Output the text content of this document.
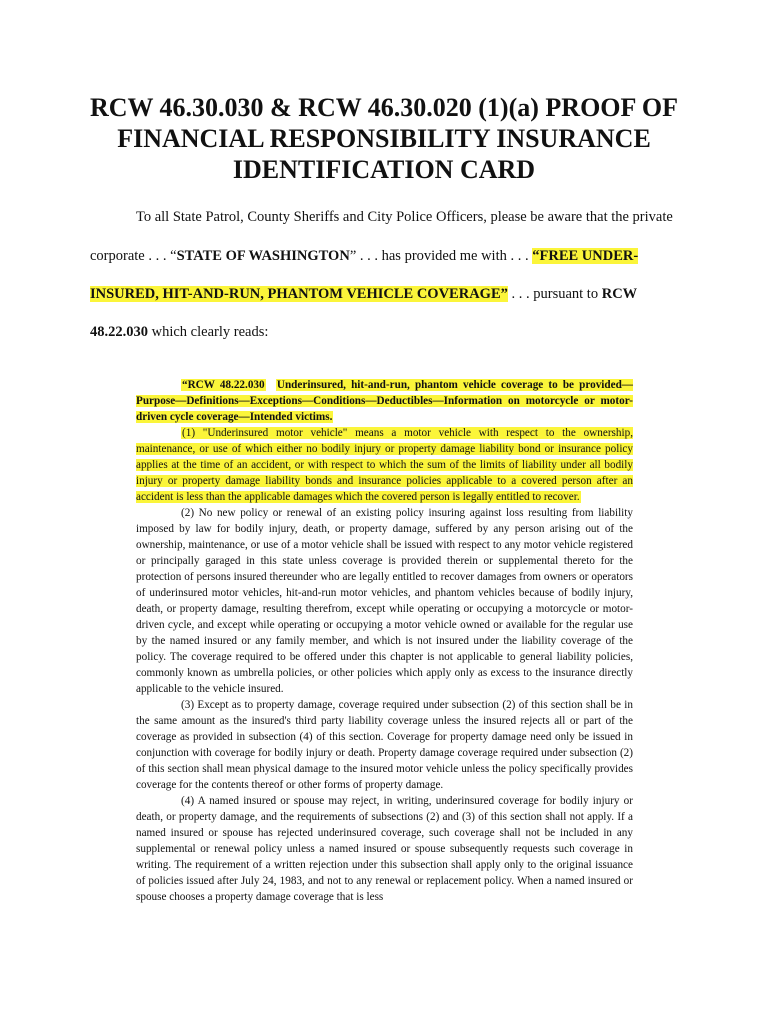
RCW 46.30.030 & RCW 46.30.020 (1)(a) PROOF OF
FINANCIAL RESPONSIBILITY INSURANCE
IDENTIFICATION CARD

To all State Patrol, County Sheriffs and City Police Officers, please be aware that the private

corporate . . . “STATE OF WASHINGTON” . . . has provided me with . . . “FREE UNDER-

INSURED, HIT-AND-RUN, PHANTOM VEHICLE COVERAGE” . . . pursuant to RCW

48.22.030 which clearly reads:

“RCW 48.22.030 Underinsured, hit-and-run, phantom vehicle coverage to be provided—Purpose—Definitions—Exceptions—Conditions—Deductibles—Information on motorcycle or motor-driven cycle coverage—Intended victims.

(1) "Underinsured motor vehicle" means a motor vehicle with respect to the ownership, maintenance, or use of which either no bodily injury or property damage liability bond or insurance policy applies at the time of an accident, or with respect to which the sum of the limits of liability under all bodily injury or property damage liability bonds and insurance policies applicable to a covered person after an accident is less than the applicable damages which the covered person is legally entitled to recover.

(2) No new policy or renewal of an existing policy insuring against loss resulting from liability imposed by law for bodily injury, death, or property damage, suffered by any person arising out of the ownership, maintenance, or use of a motor vehicle shall be issued with respect to any motor vehicle registered or principally garaged in this state unless coverage is provided therein or supplemental thereto for the protection of persons insured thereunder who are legally entitled to recover damages from owners or operators of underinsured motor vehicles, hit-and-run motor vehicles, and phantom vehicles because of bodily injury, death, or property damage, resulting therefrom, except while operating or occupying a motorcycle or motor-driven cycle, and except while operating or occupying a motor vehicle owned or available for the regular use by the named insured or any family member, and which is not insured under the liability coverage of the policy. The coverage required to be offered under this chapter is not applicable to general liability policies, commonly known as umbrella policies, or other policies which apply only as excess to the insurance directly applicable to the vehicle insured.

(3) Except as to property damage, coverage required under subsection (2) of this section shall be in the same amount as the insured's third party liability coverage unless the insured rejects all or part of the coverage as provided in subsection (4) of this section. Coverage for property damage need only be issued in conjunction with coverage for bodily injury or death. Property damage coverage required under subsection (2) of this section shall mean physical damage to the insured motor vehicle unless the policy specifically provides coverage for the contents thereof or other forms of property damage.

(4) A named insured or spouse may reject, in writing, underinsured coverage for bodily injury or death, or property damage, and the requirements of subsections (2) and (3) of this section shall not apply. If a named insured or spouse has rejected underinsured coverage, such coverage shall not be included in any supplemental or renewal policy unless a named insured or spouse subsequently requests such coverage in writing. The requirement of a written rejection under this subsection shall apply only to the original issuance of policies issued after July 24, 1983, and not to any renewal or replacement policy. When a named insured or spouse chooses a property damage coverage that is less
